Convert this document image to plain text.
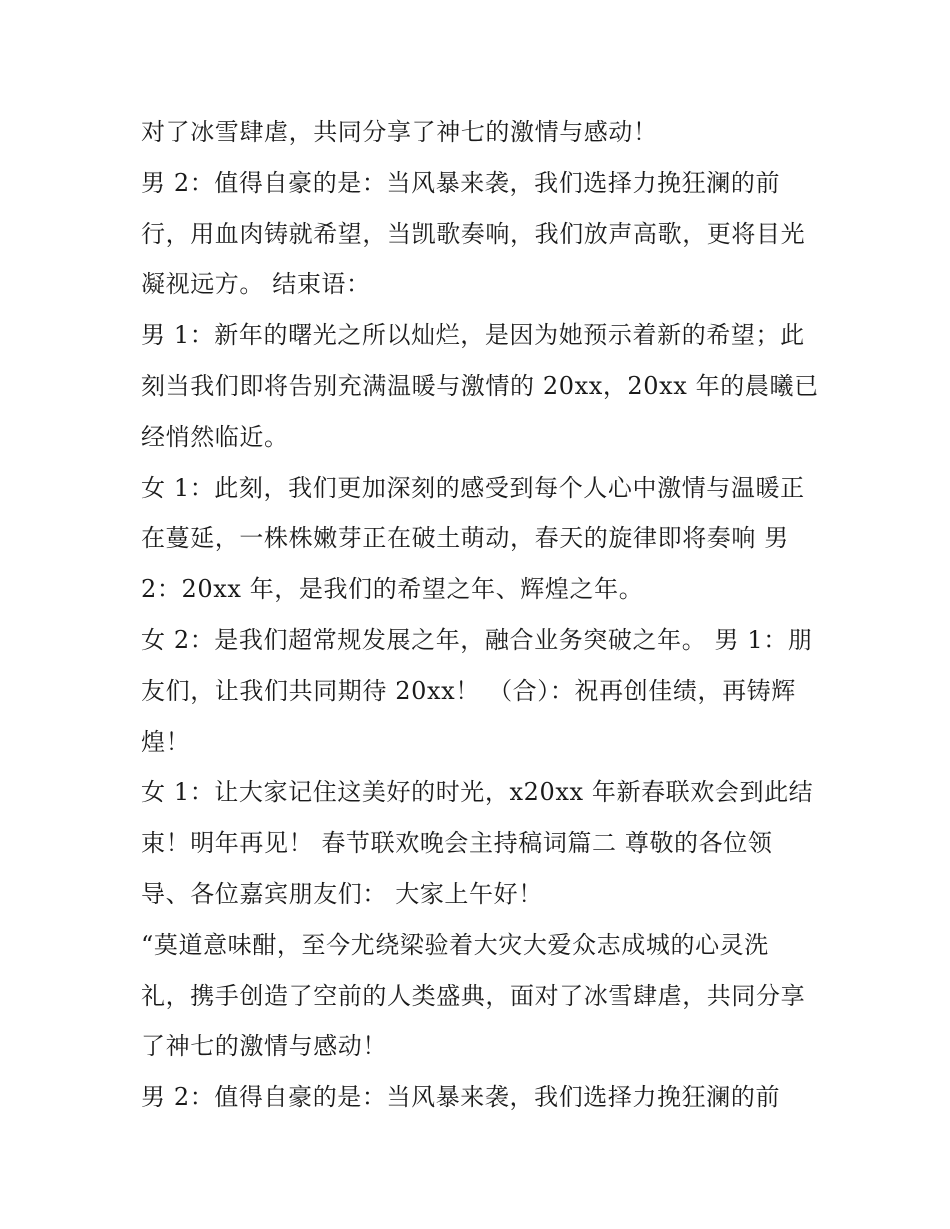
对了冰雪肆虐，共同分享了神七的激情与感动！
男 2：值得自豪的是：当风暴来袭，我们选择力挽狂澜的前
行，用血肉铸就希望，当凯歌奏响，我们放声高歌，更将目光
凝视远方。 结束语：
男 1：新年的曙光之所以灿烂，是因为她预示着新的希望；此
刻当我们即将告别充满温暖与激情的 20xx，20xx 年的晨曦已
经悄然临近。
女 1：此刻，我们更加深刻的感受到每个人心中激情与温暖正
在蔓延，一株株嫩芽正在破土萌动，春天的旋律即将奏响 男
2：20xx 年，是我们的希望之年、辉煌之年。
女 2：是我们超常规发展之年，融合业务突破之年。 男 1：朋
友们，让我们共同期待 20xx！ （合）：祝再创佳绩，再铸辉
煌！
女 1：让大家记住这美好的时光，x20xx 年新春联欢会到此结
束！明年再见！ 春节联欢晚会主持稿词篇二 尊敬的各位领
导、各位嘉宾朋友们： 大家上午好！
“莫道意味酣，至今尤绕梁验着大灾大爱众志成城的心灵洗
礼，携手创造了空前的人类盛典，面对了冰雪肆虐，共同分享
了神七的激情与感动！
男 2：值得自豪的是：当风暴来袭，我们选择力挽狂澜的前
